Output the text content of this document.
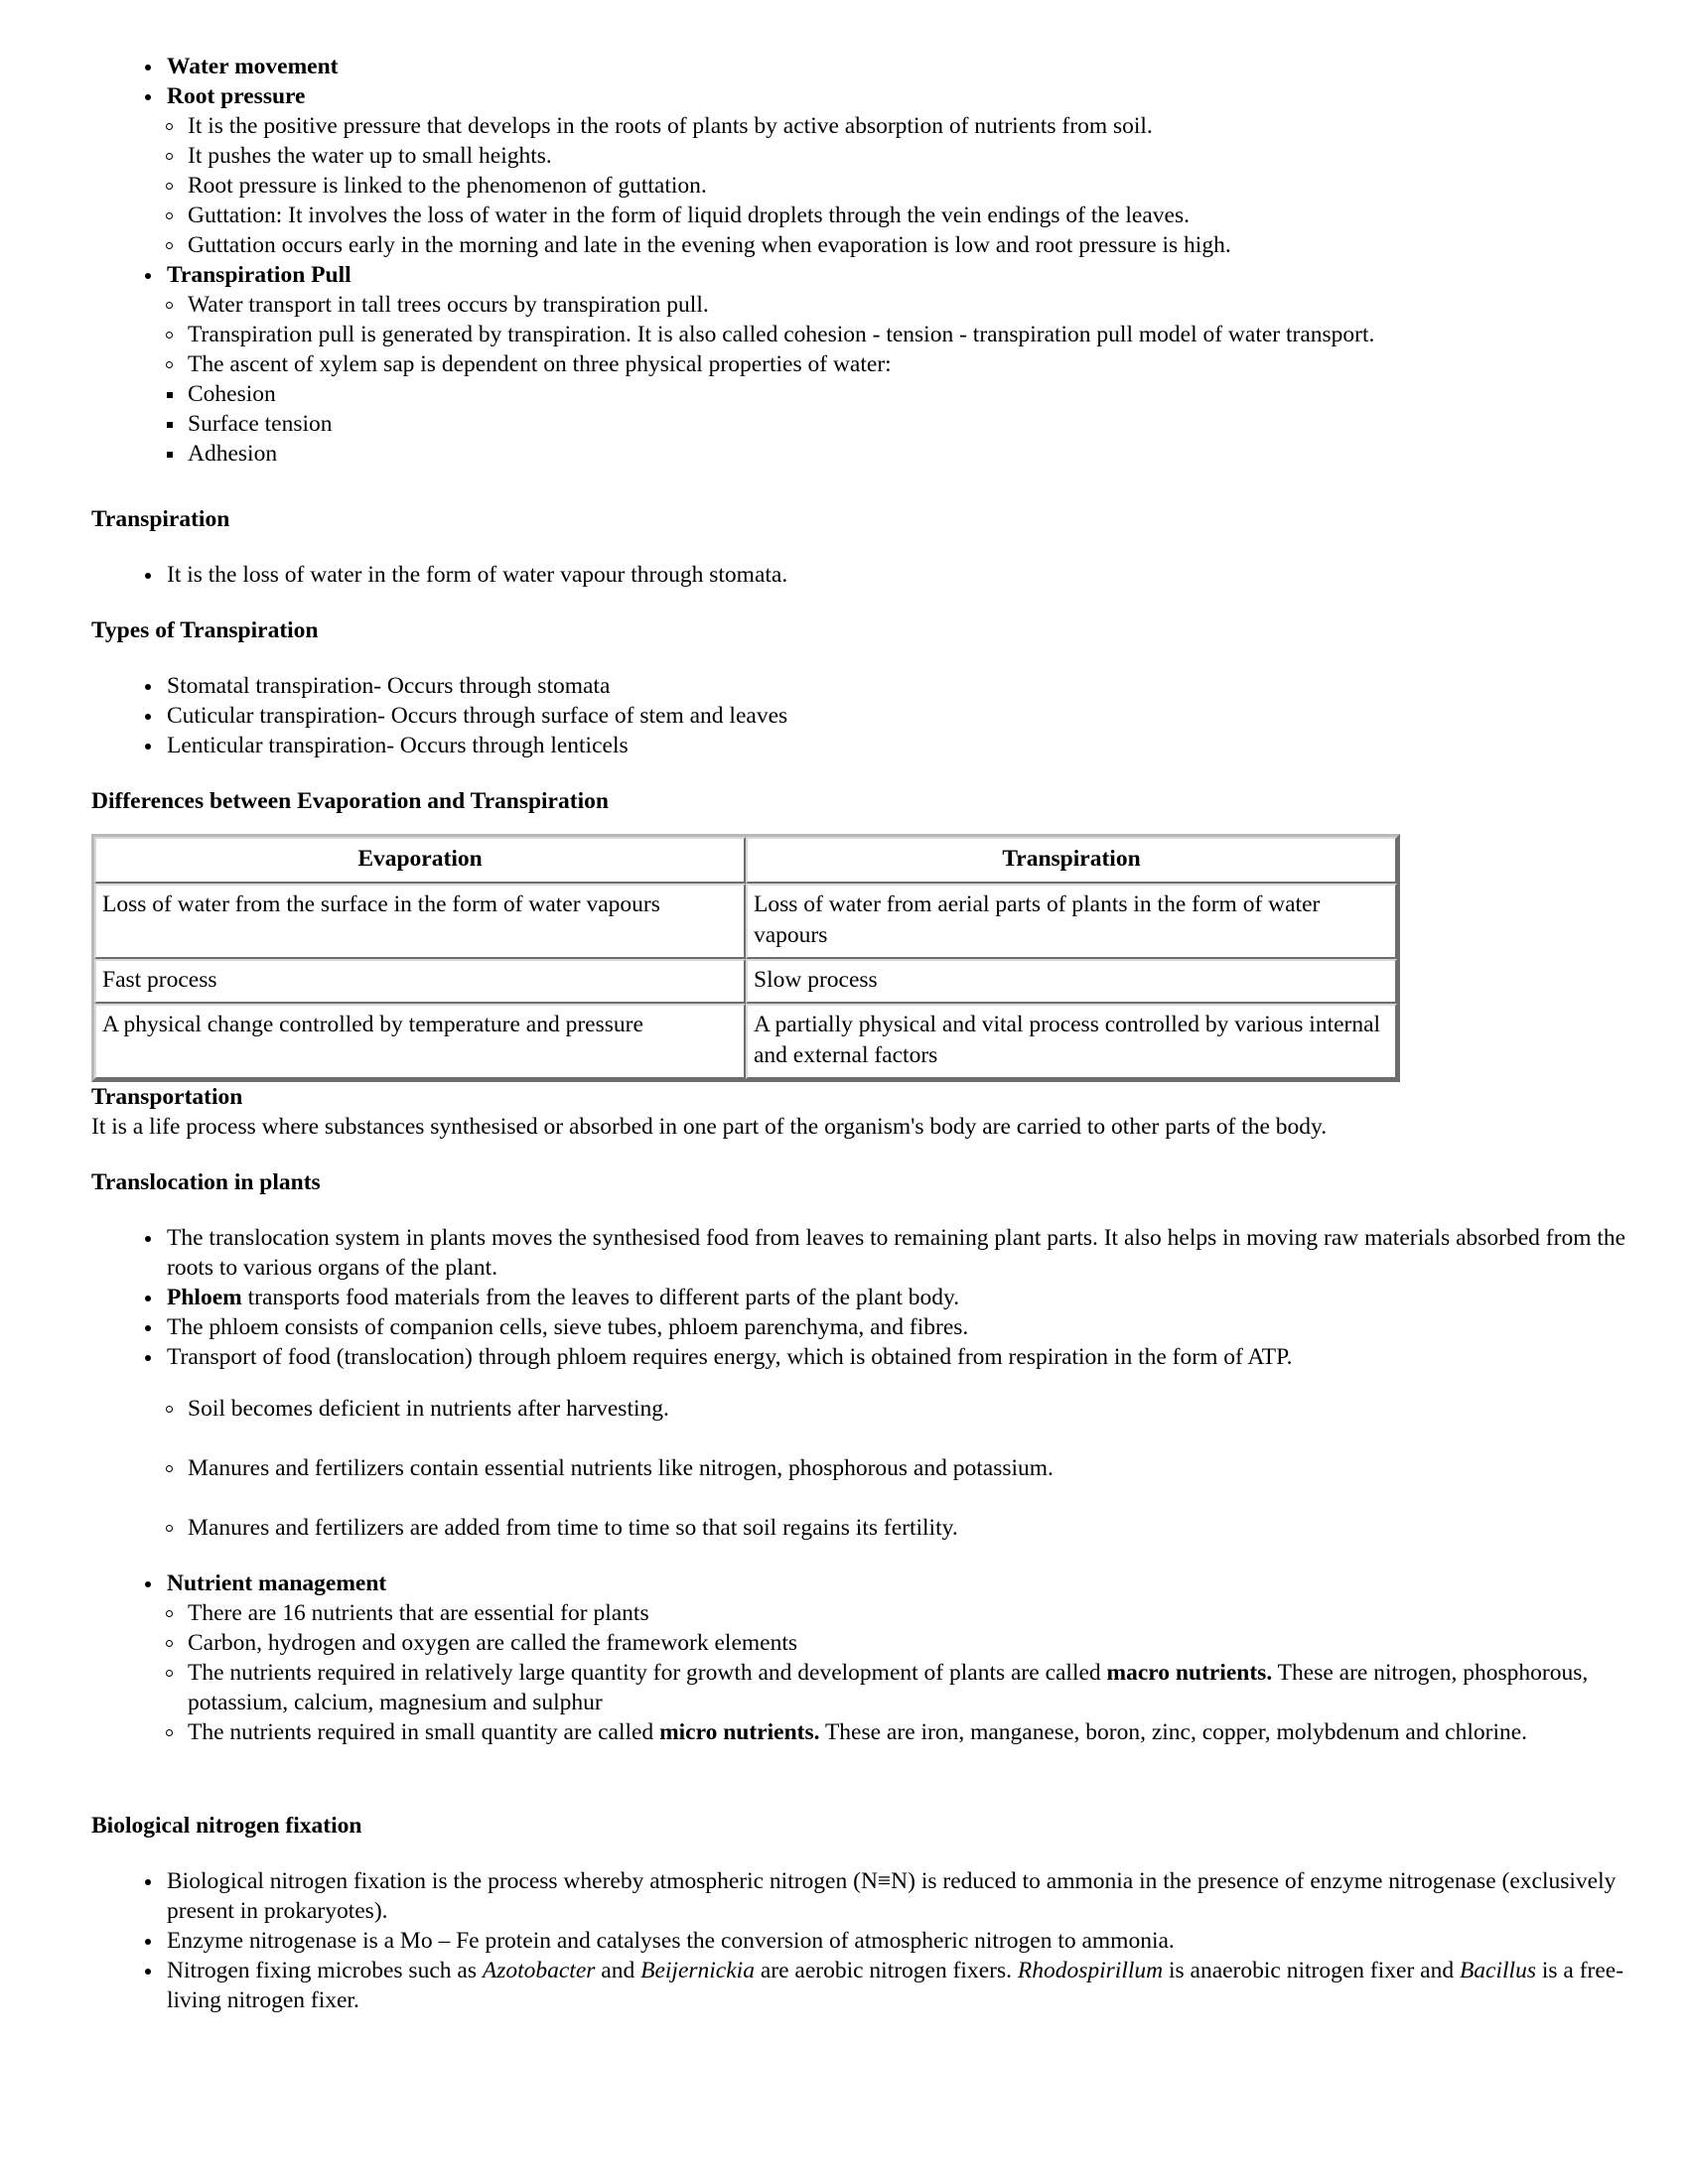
Water movement
Root pressure
It is the positive pressure that develops in the roots of plants by active absorption of nutrients from soil.
It pushes the water up to small heights.
Root pressure is linked to the phenomenon of guttation.
Guttation: It involves the loss of water in the form of liquid droplets through the vein endings of the leaves.
Guttation occurs early in the morning and late in the evening when evaporation is low and root pressure is high.
Transpiration Pull
Water transport in tall trees occurs by transpiration pull.
Transpiration pull is generated by transpiration. It is also called cohesion - tension - transpiration pull model of water transport.
The ascent of xylem sap is dependent on three physical properties of water:
Cohesion
Surface tension
Adhesion
Transpiration
It is the loss of water in the form of water vapour through stomata.
Types of Transpiration
Stomatal transpiration- Occurs through stomata
Cuticular transpiration- Occurs through surface of stem and leaves
Lenticular transpiration- Occurs through lenticels
Differences between Evaporation and Transpiration
Evaporation	Transpiration
Loss of water from the surface in the form of water vapours	Loss of water from aerial parts of plants in the form of water vapours
Fast process	Slow process
A physical change controlled by temperature and pressure	A partially physical and vital process controlled by various internal and external factors
Transportation
It is a life process where substances synthesised or absorbed in one part of the organism's body are carried to other parts of the body.
Translocation in plants
The translocation system in plants moves the synthesised food from leaves to remaining plant parts. It also helps in moving raw materials absorbed from the roots to various organs of the plant.
Phloem transports food materials from the leaves to different parts of the plant body.
The phloem consists of companion cells, sieve tubes, phloem parenchyma, and fibres.
Transport of food (translocation) through phloem requires energy, which is obtained from respiration in the form of ATP.
Soil becomes deficient in nutrients after harvesting.
Manures and fertilizers contain essential nutrients like nitrogen, phosphorous and potassium.
Manures and fertilizers are added from time to time so that soil regains its fertility.
Nutrient management
There are 16 nutrients that are essential for plants
Carbon, hydrogen and oxygen are called the framework elements
The nutrients required in relatively large quantity for growth and development of plants are called macro nutrients. These are nitrogen, phosphorous, potassium, calcium, magnesium and sulphur
The nutrients required in small quantity are called micro nutrients. These are iron, manganese, boron, zinc, copper, molybdenum and chlorine.
Biological nitrogen fixation
Biological nitrogen fixation is the process whereby atmospheric nitrogen (N≡N) is reduced to ammonia in the presence of enzyme nitrogenase (exclusively present in prokaryotes).
Enzyme nitrogenase is a Mo – Fe protein and catalyses the conversion of atmospheric nitrogen to ammonia.
Nitrogen fixing microbes such as Azotobacter and Beijernickia are aerobic nitrogen fixers. Rhodospirillum is anaerobic nitrogen fixer and Bacillus is a free-living nitrogen fixer.
